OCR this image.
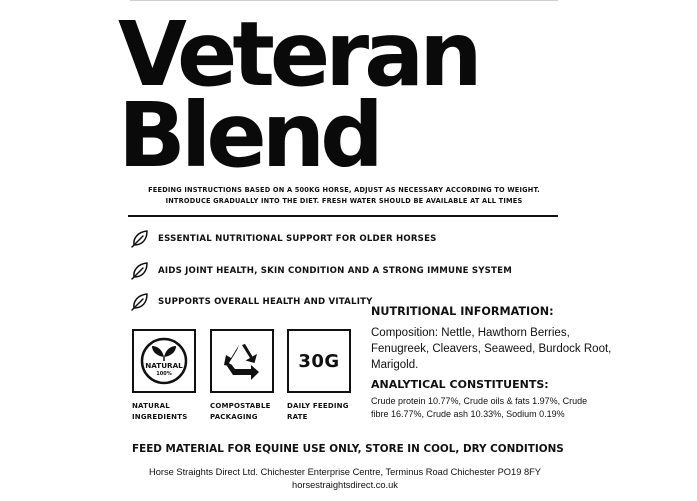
Veteran
Blend
FEEDING INSTRUCTIONS BASED ON A 500KG HORSE, ADJUST AS NECESSARY ACCORDING TO WEIGHT.
INTRODUCE GRADUALLY INTO THE DIET. FRESH WATER SHOULD BE AVAILABLE AT ALL TIMES
ESSENTIAL NUTRITIONAL SUPPORT FOR OLDER HORSES
AIDS JOINT HEALTH, SKIN CONDITION AND A STRONG IMMUNE SYSTEM
SUPPORTS OVERALL HEALTH AND VITALITY
NATURAL
100%
30G
NATURAL
INGREDIENTS
COMPOSTABLE
PACKAGING
DAILY FEEDING
RATE
NUTRITIONAL INFORMATION:
Composition: Nettle, Hawthorn Berries, Fenugreek, Cleavers, Seaweed, Burdock Root, Marigold.
ANALYTICAL CONSTITUENTS:
Crude protein 10.77%, Crude oils & fats 1.97%, Crude fibre 16.77%, Crude ash 10.33%, Sodium 0.19%
FEED MATERIAL FOR EQUINE USE ONLY, STORE IN COOL, DRY CONDITIONS
Horse Straights Direct Ltd. Chichester Enterprise Centre, Terminus Road Chichester PO19 8FY
horsestraightsdirect.co.uk
